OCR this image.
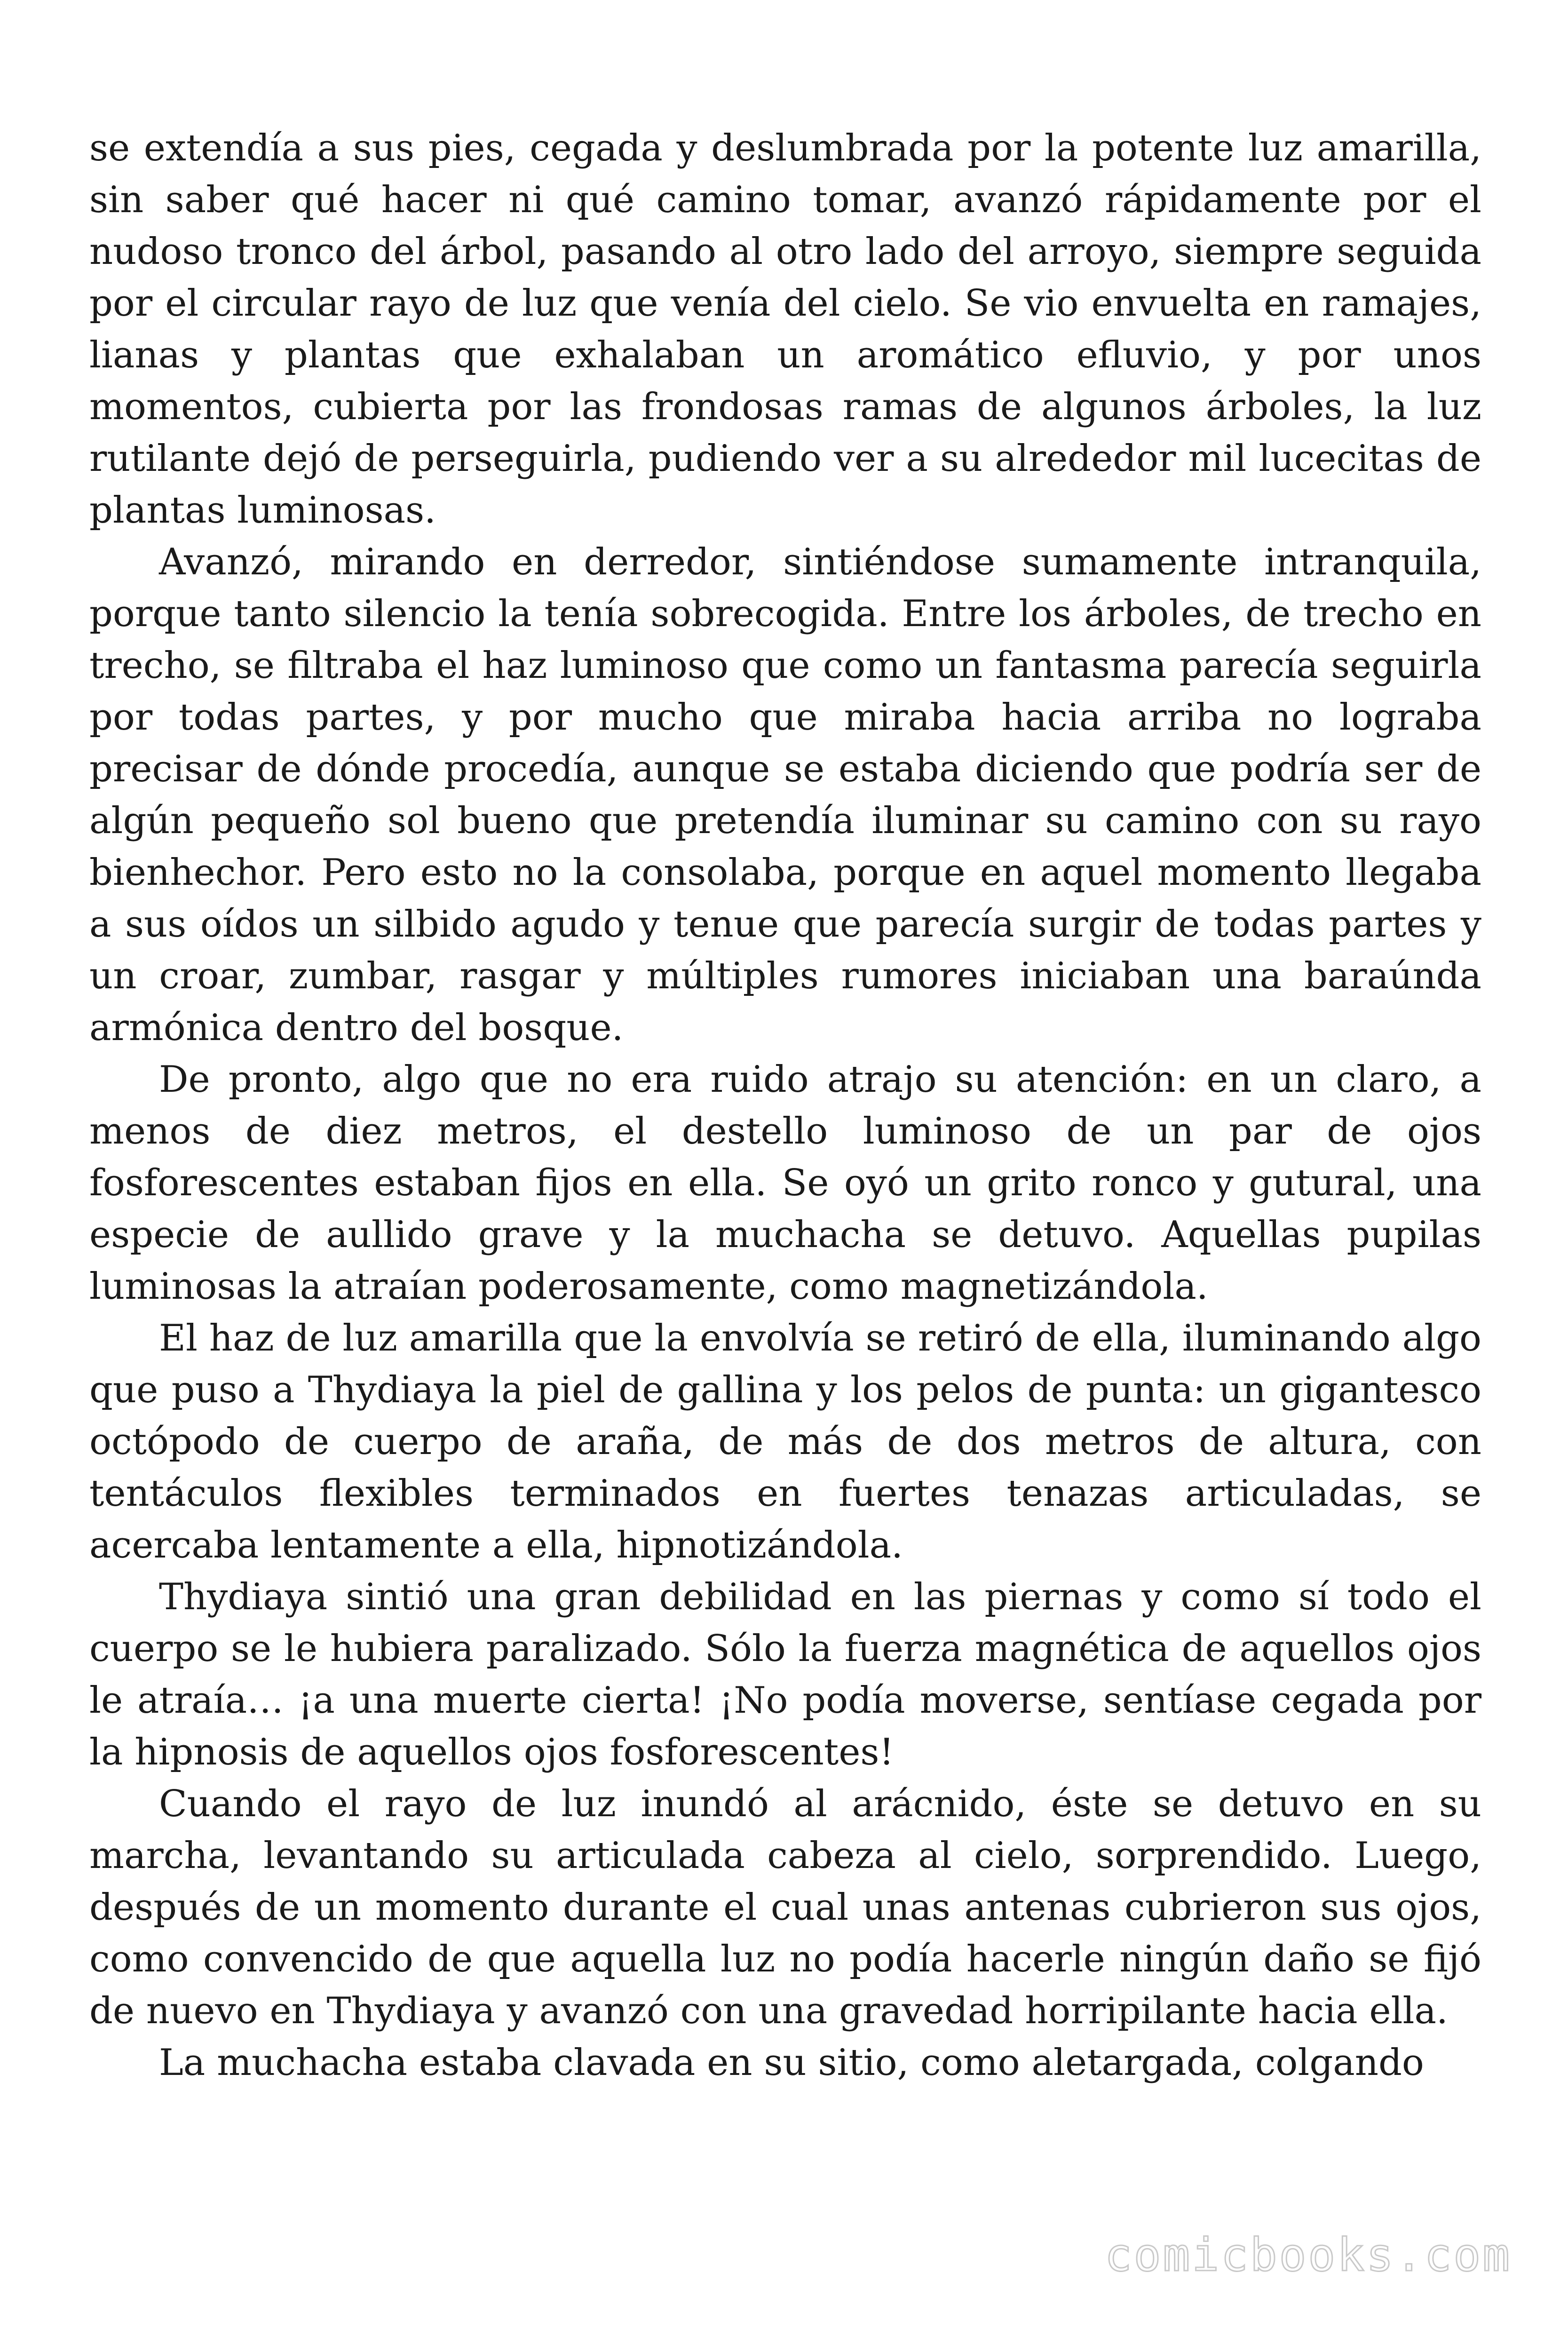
se extendía a sus pies, cegada y deslumbrada por la potente luz amarilla, sin saber qué hacer ni qué camino tomar, avanzó rápidamente por el nudoso tronco del árbol, pasando al otro lado del arroyo, siempre seguida por el circular rayo de luz que venía del cielo. Se vio envuelta en ramajes, lianas y plantas que exhalaban un aromático efluvio, y por unos momentos, cubierta por las frondosas ramas de algunos árboles, la luz rutilante dejó de perseguirla, pudiendo ver a su alrededor mil lucecitas de plantas luminosas.

Avanzó, mirando en derredor, sintiéndose sumamente intranquila, porque tanto silencio la tenía sobrecogida. Entre los árboles, de trecho en trecho, se filtraba el haz luminoso que como un fantasma parecía seguirla por todas partes, y por mucho que miraba hacia arriba no lograba precisar de dónde procedía, aunque se estaba diciendo que podría ser de algún pequeño sol bueno que pretendía iluminar su camino con su rayo bienhechor. Pero esto no la consolaba, porque en aquel momento llegaba a sus oídos un silbido agudo y tenue que parecía surgir de todas partes y un croar, zumbar, rasgar y múltiples rumores iniciaban una baraúnda armónica dentro del bosque.

De pronto, algo que no era ruido atrajo su atención: en un claro, a menos de diez metros, el destello luminoso de un par de ojos fosforescentes estaban fijos en ella. Se oyó un grito ronco y gutural, una especie de aullido grave y la muchacha se detuvo. Aquellas pupilas luminosas la atraían poderosamente, como magnetizándola.

El haz de luz amarilla que la envolvía se retiró de ella, iluminando algo que puso a Thydiaya la piel de gallina y los pelos de punta: un gigantesco octópodo de cuerpo de araña, de más de dos metros de altura, con tentáculos flexibles terminados en fuertes tenazas articuladas, se acercaba lentamente a ella, hipnotizándola.

Thydiaya sintió una gran debilidad en las piernas y como sí todo el cuerpo se le hubiera paralizado. Sólo la fuerza magnética de aquellos ojos le atraía… ¡a una muerte cierta! ¡No podía moverse, sentíase cegada por la hipnosis de aquellos ojos fosforescentes!

Cuando el rayo de luz inundó al arácnido, éste se detuvo en su marcha, levantando su articulada cabeza al cielo, sorprendido. Luego, después de un momento durante el cual unas antenas cubrieron sus ojos, como convencido de que aquella luz no podía hacerle ningún daño se fijó de nuevo en Thydiaya y avanzó con una gravedad horripilante hacia ella.

La muchacha estaba clavada en su sitio, como aletargada, colgando

comicbooks.com
